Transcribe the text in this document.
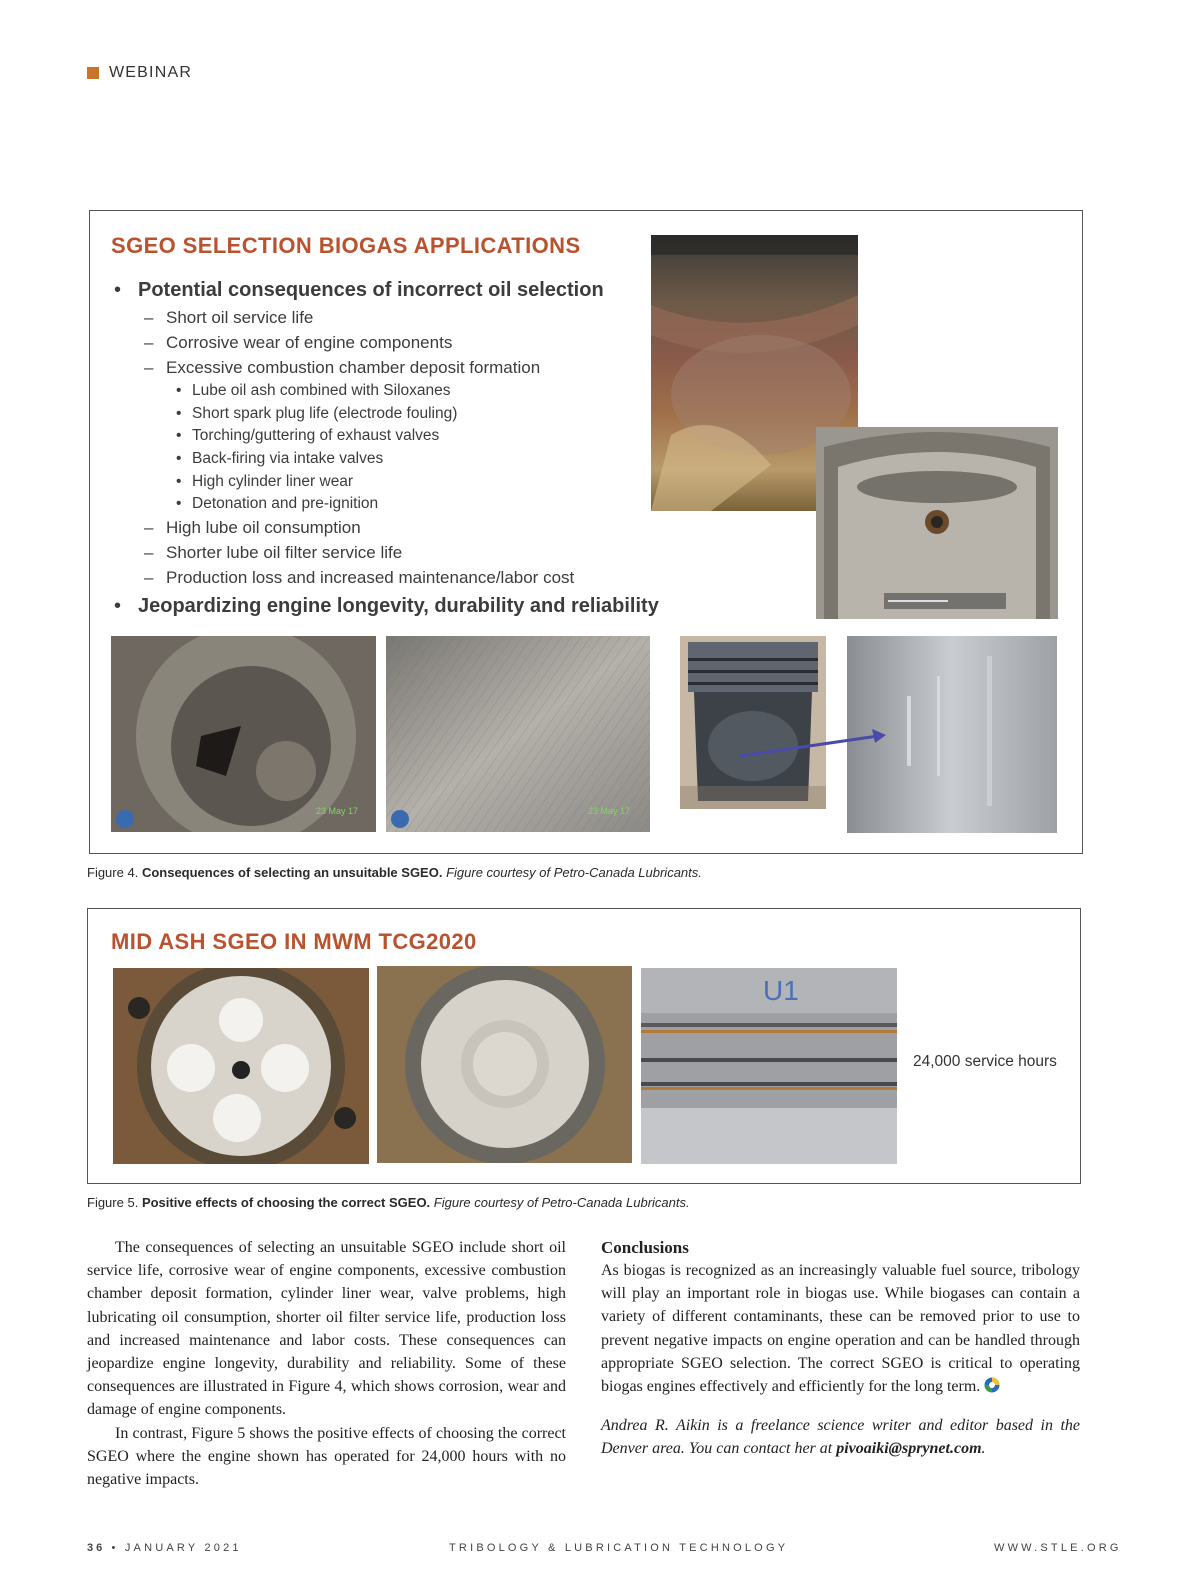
WEBINAR
SGEO SELECTION BIOGAS APPLICATIONS
• Potential consequences of incorrect oil selection
– Short oil service life
– Corrosive wear of engine components
– Excessive combustion chamber deposit formation
• Lube oil ash combined with Siloxanes
• Short spark plug life (electrode fouling)
• Torching/guttering of exhaust valves
• Back-firing via intake valves
• High cylinder liner wear
• Detonation and pre-ignition
– High lube oil consumption
– Shorter lube oil filter service life
– Production loss and increased maintenance/labor cost
• Jeopardizing engine longevity, durability and reliability
23 May 17	23 May 17
Figure 4. Consequences of selecting an unsuitable SGEO. Figure courtesy of Petro-Canada Lubricants.
MID ASH SGEO IN MWM TCG2020
U1
24,000 service hours
Figure 5. Positive effects of choosing the correct SGEO. Figure courtesy of Petro-Canada Lubricants.

The consequences of selecting an unsuitable SGEO include short oil service life, corrosive wear of engine components, excessive combustion chamber deposit formation, cylinder liner wear, valve problems, high lubricating oil consumption, shorter oil filter service life, production loss and increased maintenance and labor costs. These consequences can jeopardize engine longevity, durability and reliability. Some of these consequences are illustrated in Figure 4, which shows corrosion, wear and damage of engine components.

In contrast, Figure 5 shows the positive effects of choosing the correct SGEO where the engine shown has operated for 24,000 hours with no negative impacts.

Conclusions

As biogas is recognized as an increasingly valuable fuel source, tribology will play an important role in biogas use. While biogases can contain a variety of different contaminants, these can be removed prior to use to prevent negative impacts on engine operation and can be handled through appropriate SGEO selection. The correct SGEO is critical to operating biogas engines effectively and efficiently for the long term.

Andrea R. Aikin is a freelance science writer and editor based in the Denver area. You can contact her at pivoaiki@sprynet.com.

36 • JANUARY 2021	TRIBOLOGY & LUBRICATION TECHNOLOGY	WWW.STLE.ORG
